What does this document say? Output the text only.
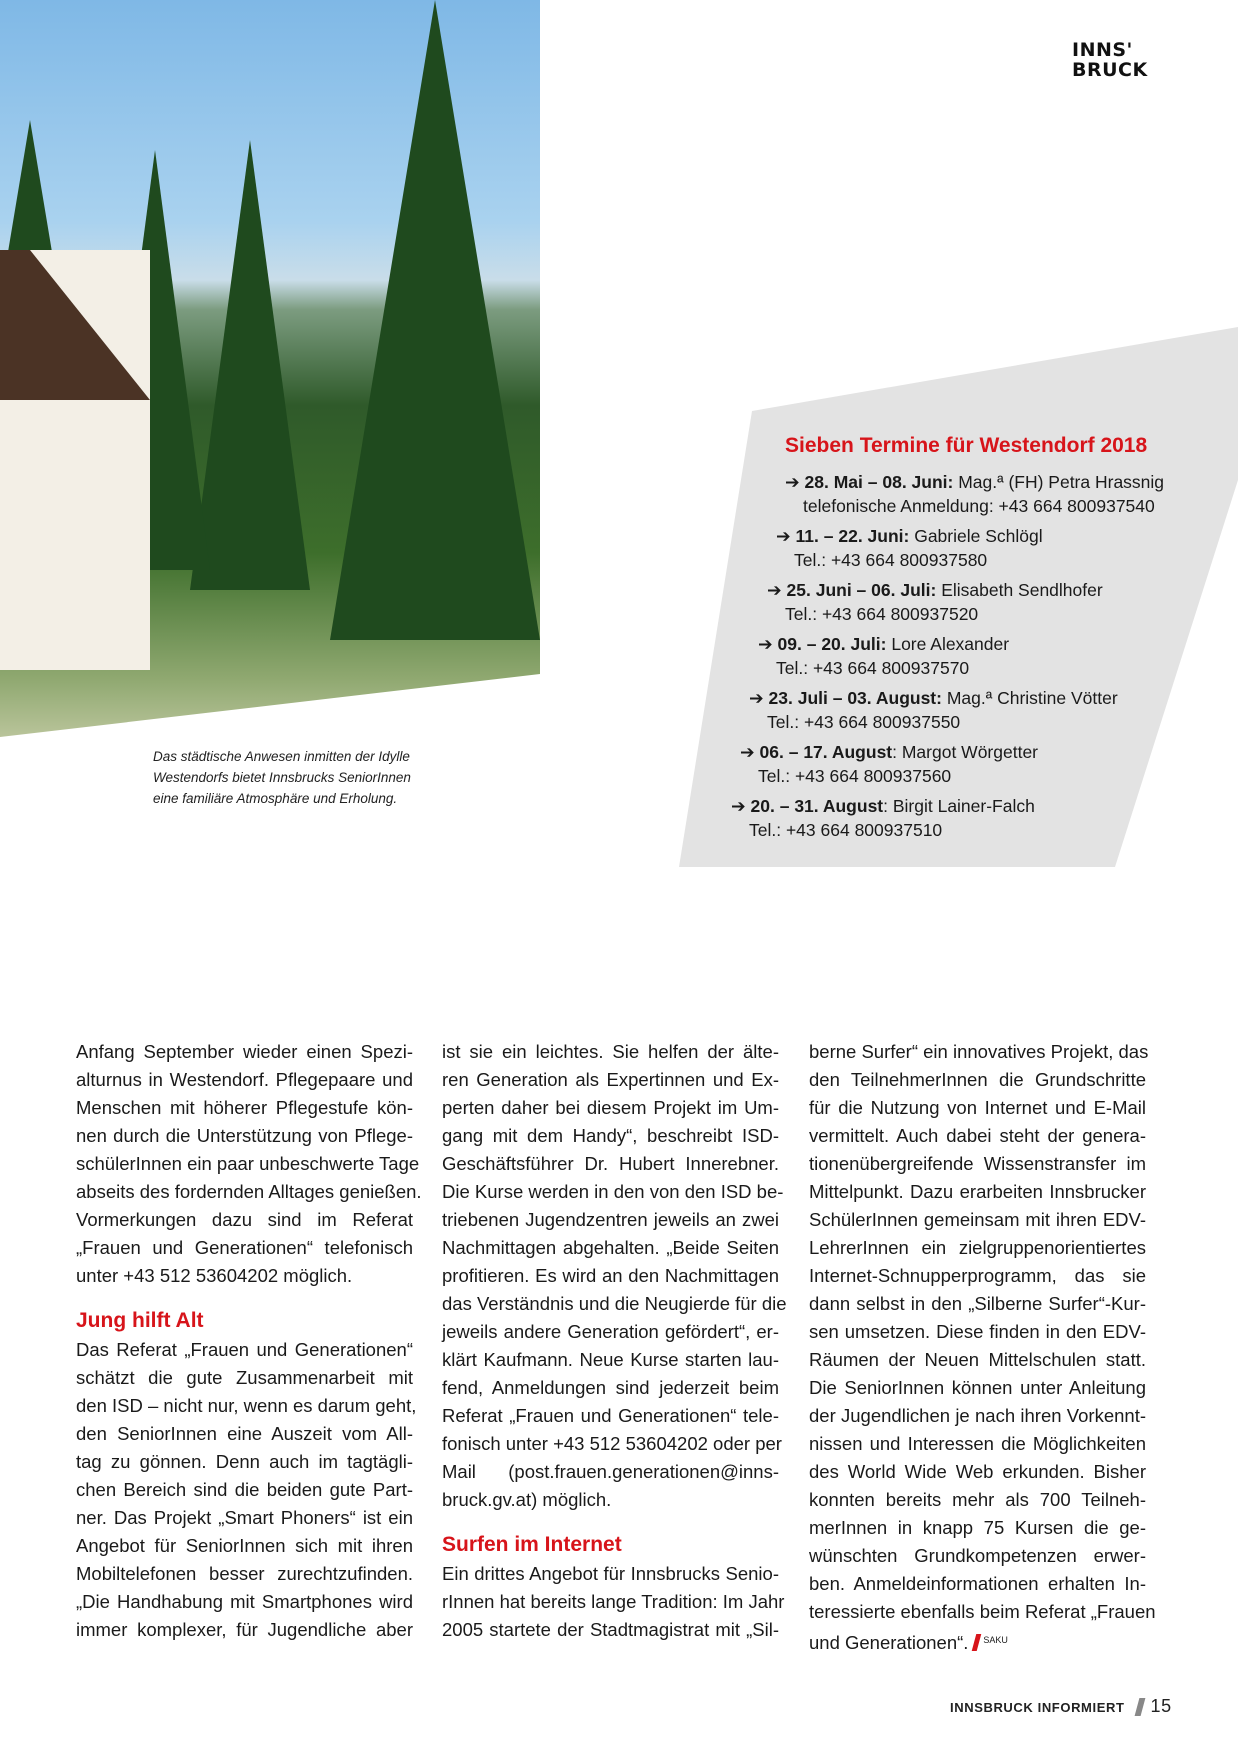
INNS'
BRUCK
Das städtische Anwesen inmitten der Idylle
Westendorfs bietet Innsbrucks SeniorInnen
eine familiäre Atmosphäre und Erholung.
Sieben Termine für Westendorf 2018
➔ 28. Mai – 08. Juni: Mag.ª (FH) Petra Hrassnig
telefonische Anmeldung: +43 664 800937540
➔ 11. – 22. Juni: Gabriele Schlögl
Tel.: +43 664 800937580
➔ 25. Juni – 06. Juli: Elisabeth Sendlhofer
Tel.: +43 664 800937520
➔ 09. – 20. Juli: Lore Alexander
Tel.: +43 664 800937570
➔ 23. Juli – 03. August: Mag.ª Christine Vötter
Tel.: +43 664 800937550
➔ 06. – 17. August: Margot Wörgetter
Tel.: +43 664 800937560
➔ 20. – 31. August: Birgit Lainer-Falch
Tel.: +43 664 800937510
Anfang September wieder einen Spezi-
alturnus in Westendorf. Pflegepaare und
Menschen mit höherer Pflegestufe kön-
nen durch die Unterstützung von Pflege-
schülerInnen ein paar unbeschwerte Tage
abseits des fordernden Alltages genießen.
Vormerkungen dazu sind im Referat
„Frauen und Generationen“ telefonisch
unter +43 512 53604202 möglich.
Jung hilft Alt
Das Referat „Frauen und Generationen“
schätzt die gute Zusammenarbeit mit
den ISD – nicht nur, wenn es darum geht,
den SeniorInnen eine Auszeit vom All-
tag zu gönnen. Denn auch im tagtägli-
chen Bereich sind die beiden gute Part-
ner. Das Projekt „Smart Phoners“ ist ein
Angebot für SeniorInnen sich mit ihren
Mobiltelefonen besser zurechtzufinden.
„Die Handhabung mit Smartphones wird
immer komplexer, für Jugendliche aber
ist sie ein leichtes. Sie helfen der älte-
ren Generation als Expertinnen und Ex-
perten daher bei diesem Projekt im Um-
gang mit dem Handy“, beschreibt ISD-
Geschäftsführer Dr. Hubert Innerebner.
Die Kurse werden in den von den ISD be-
triebenen Jugendzentren jeweils an zwei
Nachmittagen abgehalten. „Beide Seiten
profitieren. Es wird an den Nachmittagen
das Verständnis und die Neugierde für die
jeweils andere Generation gefördert“, er-
klärt Kaufmann. Neue Kurse starten lau-
fend, Anmeldungen sind jederzeit beim
Referat „Frauen und Generationen“ tele-
fonisch unter +43 512 53604202 oder per
Mail (post.frauen.generationen@inns-
bruck.gv.at) möglich.
Surfen im Internet
Ein drittes Angebot für Innsbrucks Senio-
rInnen hat bereits lange Tradition: Im Jahr
2005 startete der Stadtmagistrat mit „Sil-
berne Surfer“ ein innovatives Projekt, das
den TeilnehmerInnen die Grundschritte
für die Nutzung von Internet und E-Mail
vermittelt. Auch dabei steht der genera-
tionenübergreifende Wissenstransfer im
Mittelpunkt. Dazu erarbeiten Innsbrucker
SchülerInnen gemeinsam mit ihren EDV-
LehrerInnen ein zielgruppenorientiertes
Internet-Schnupperprogramm, das sie
dann selbst in den „Silberne Surfer“-Kur-
sen umsetzen. Diese finden in den EDV-
Räumen der Neuen Mittelschulen statt.
Die SeniorInnen können unter Anleitung
der Jugendlichen je nach ihren Vorkennt-
nissen und Interessen die Möglichkeiten
des World Wide Web erkunden. Bisher
konnten bereits mehr als 700 Teilneh-
merInnen in knapp 75 Kursen die ge-
wünschten Grundkompetenzen erwer-
ben. Anmeldeinformationen erhalten In-
teressierte ebenfalls beim Referat „Frauen
und Generationen“. $^{SAKU}$
INNSBRUCK INFORMIERT 15
